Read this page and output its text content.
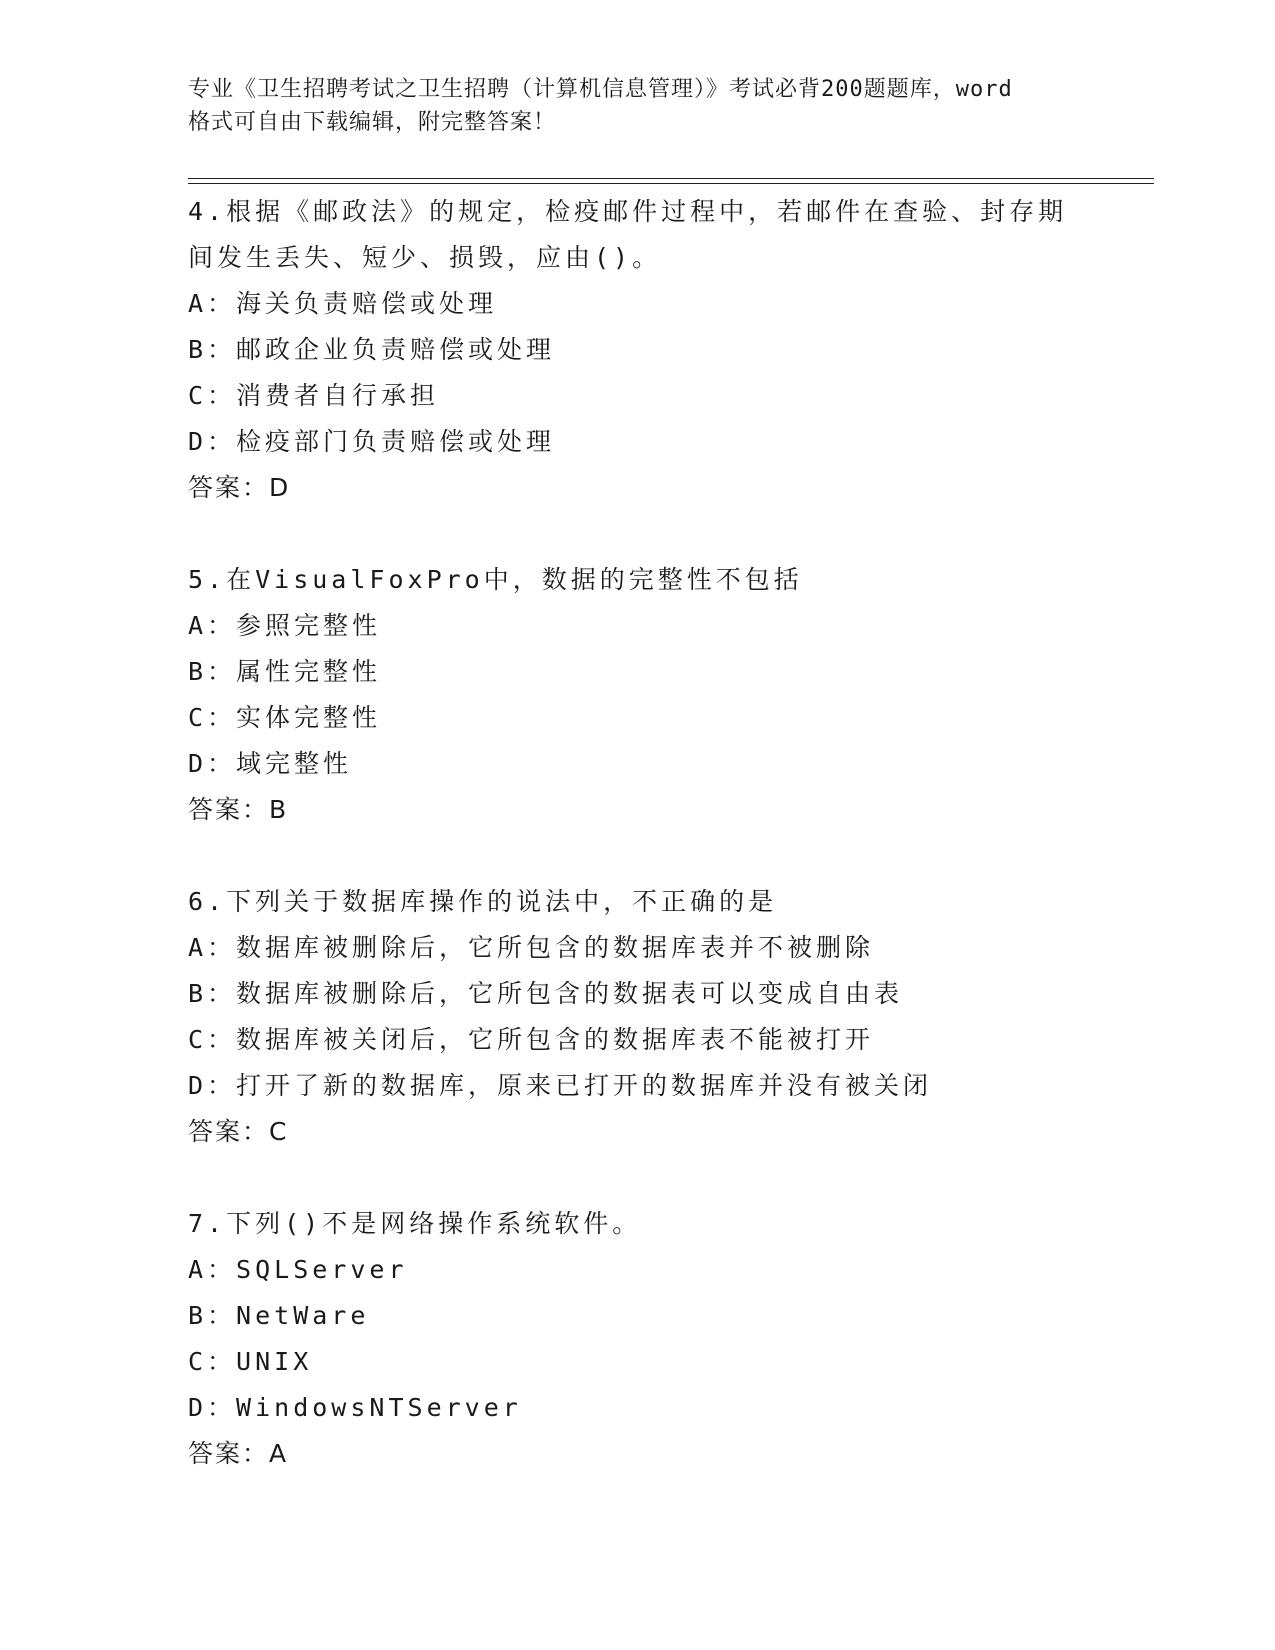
专业《卫生招聘考试之卫生招聘（计算机信息管理）》考试必背200题题库，word
格式可自由下载编辑，附完整答案！

4.根据《邮政法》的规定，检疫邮件过程中，若邮件在查验、封存期

间发生丢失、短少、损毁，应由()。

A：海关负责赔偿或处理

B：邮政企业负责赔偿或处理

C：消费者自行承担

D：检疫部门负责赔偿或处理

答案：D

5.在VisualFoxPro中，数据的完整性不包括

A：参照完整性

B：属性完整性

C：实体完整性

D：域完整性

答案：B

6.下列关于数据库操作的说法中，不正确的是

A：数据库被删除后，它所包含的数据库表并不被删除

B：数据库被删除后，它所包含的数据表可以变成自由表

C：数据库被关闭后，它所包含的数据库表不能被打开

D：打开了新的数据库，原来已打开的数据库并没有被关闭

答案：C

7.下列()不是网络操作系统软件。

A：SQLServer

B：NetWare

C：UNIX

D：WindowsNTServer

答案：A
